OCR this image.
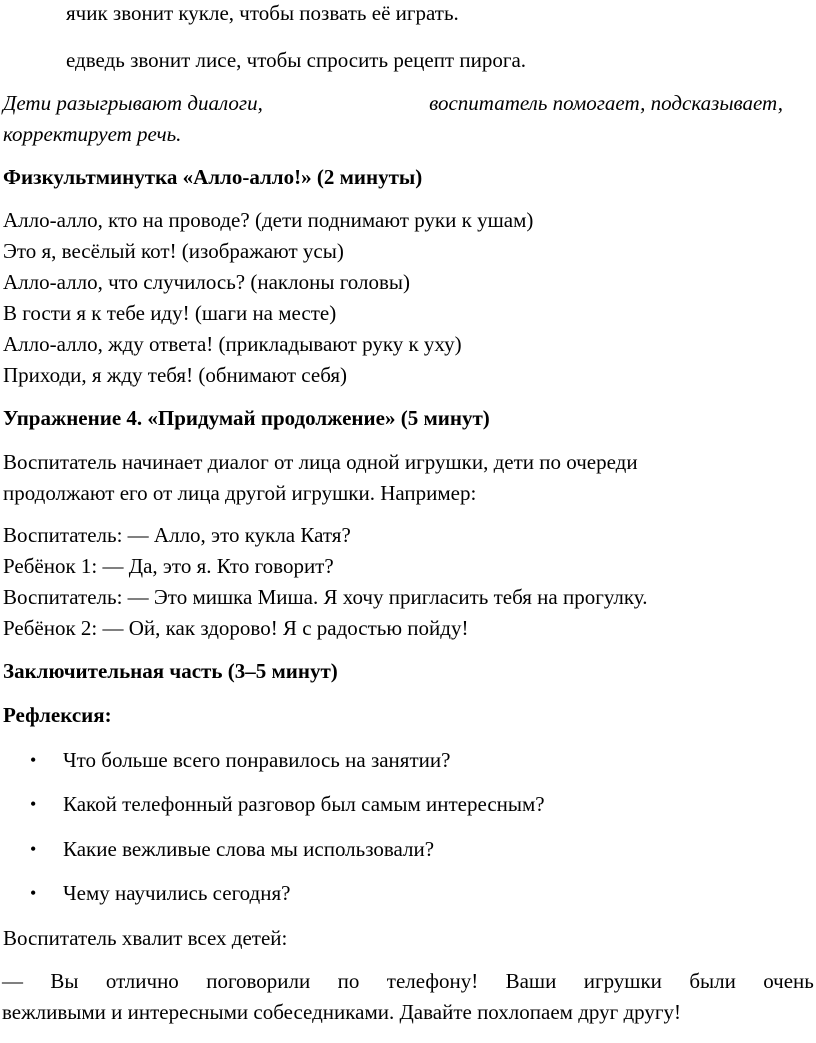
ячик звонит кукле, чтобы позвать её играть.

едведь звонит лисе, чтобы спросить рецепт пирога.

Дети разыгрывают диалоги,	воспитатель помогает, подсказывает,
корректирует речь.

Физкультминутка «Алло-алло!» (2 минуты)

Алло-алло, кто на проводе? (дети поднимают руки к ушам)
Это я, весёлый кот! (изображают усы)
Алло-алло, что случилось? (наклоны головы)
В гости я к тебе иду! (шаги на месте)
Алло-алло, жду ответа! (прикладывают руку к уху)
Приходи, я жду тебя! (обнимают себя)

Упражнение 4. «Придумай продолжение» (5 минут)

Воспитатель начинает диалог от лица одной игрушки, дети по очереди
продолжают его от лица другой игрушки. Например:

Воспитатель: — Алло, это кукла Катя?
Ребёнок 1: — Да, это я. Кто говорит?
Воспитатель: — Это мишка Миша. Я хочу пригласить тебя на прогулку.
Ребёнок 2: — Ой, как здорово! Я с радостью пойду!

Заключительная часть (3–5 минут)

Рефлексия:

• Что больше всего понравилось на занятии?
• Какой телефонный разговор был самым интересным?
• Какие вежливые слова мы использовали?
• Чему научились сегодня?

Воспитатель хвалит всех детей:

— Вы отлично поговорили по телефону! Ваши игрушки были очень
вежливыми и интересными собеседниками. Давайте похлопаем друг другу!
